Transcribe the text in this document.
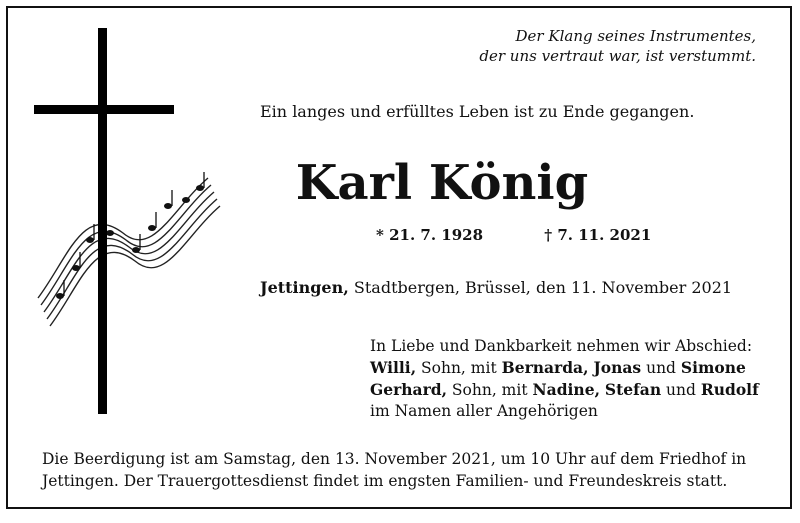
Der Klang seines Instrumentes,
der uns vertraut war, ist verstummt.
Ein langes und erfülltes Leben ist zu Ende gegangen.
Karl König
* 21. 7. 1928	† 7. 11. 2021
Jettingen, Stadtbergen, Brüssel, den 11. November 2021

In Liebe und Dankbarkeit nehmen wir Abschied:

Willi, Sohn, mit Bernarda, Jonas und Simone

Gerhard, Sohn, mit Nadine, Stefan und Rudolf

im Namen aller Angehörigen

Die Beerdigung ist am Samstag, den 13. November 2021, um 10 Uhr auf dem Friedhof in

Jettingen. Der Trauergottesdienst findet im engsten Familien- und Freundeskreis statt.
